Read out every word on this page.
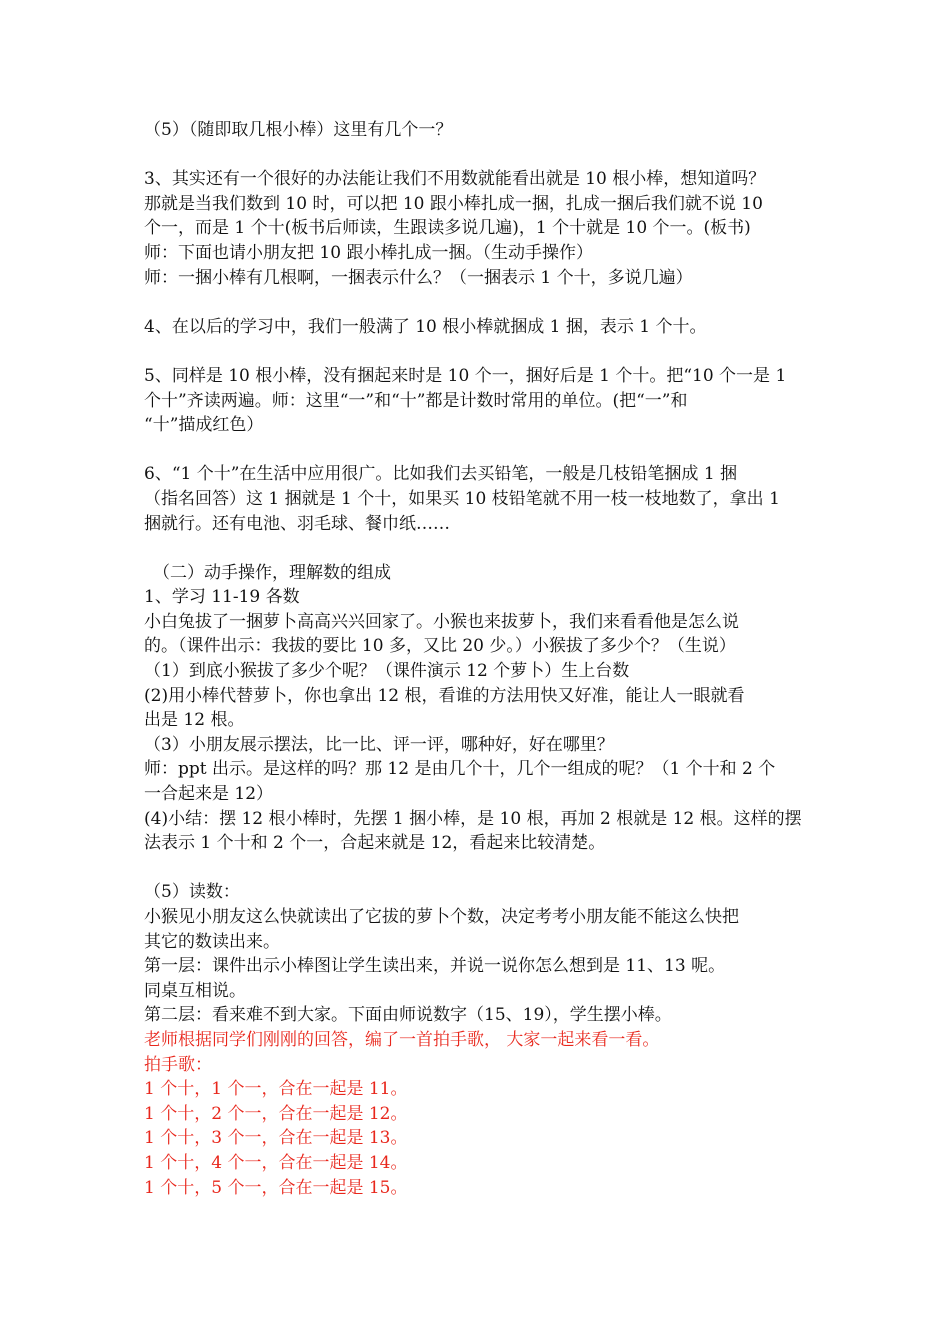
（5）（随即取几根小棒）这里有几个一？
3、其实还有一个很好的办法能让我们不用数就能看出就是 10 根小棒，想知道吗？
那就是当我们数到 10 时，可以把 10 跟小棒扎成一捆，扎成一捆后我们就不说 10
个一，而是 1 个十(板书后师读，生跟读多说几遍)，1 个十就是 10 个一。(板书)
师：下面也请小朋友把 10 跟小棒扎成一捆。（生动手操作）
师：一捆小棒有几根啊，一捆表示什么？（一捆表示 1 个十，多说几遍）
4、在以后的学习中，我们一般满了 10 根小棒就捆成 1 捆，表示 1 个十。
5、同样是 10 根小棒，没有捆起来时是 10 个一，捆好后是 1 个十。把“10 个一是 1
个十”齐读两遍。师：这里“一”和“十”都是计数时常用的单位。(把“一”和
“十”描成红色）
6、“1 个十”在生活中应用很广。比如我们去买铅笔，一般是几枝铅笔捆成 1 捆
（指名回答）这 1 捆就是 1 个十，如果买 10 枝铅笔就不用一枝一枝地数了，拿出 1
捆就行。还有电池、羽毛球、餐巾纸……
（二）动手操作，理解数的组成
1、学习 11-19 各数
小白兔拔了一捆萝卜高高兴兴回家了。小猴也来拔萝卜，我们来看看他是怎么说
的。（课件出示：我拔的要比 10 多，又比 20 少。）小猴拔了多少个？（生说）
（1）到底小猴拔了多少个呢？（课件演示 12 个萝卜）生上台数
(2)用小棒代替萝卜，你也拿出 12 根，看谁的方法用快又好准，能让人一眼就看
出是 12 根。
（3）小朋友展示摆法，比一比、评一评，哪种好，好在哪里？
师：ppt 出示。是这样的吗？那 12 是由几个十，几个一组成的呢？（1 个十和 2 个
一合起来是 12）
(4)小结：摆 12 根小棒时，先摆 1 捆小棒，是 10 根，再加 2 根就是 12 根。这样的摆
法表示 1 个十和 2 个一，合起来就是 12，看起来比较清楚。
（5）读数：
小猴见小朋友这么快就读出了它拔的萝卜个数，决定考考小朋友能不能这么快把
其它的数读出来。
第一层：课件出示小棒图让学生读出来，并说一说你怎么想到是 11、13 呢。
同桌互相说。
第二层：看来难不到大家。下面由师说数字（15、19），学生摆小棒。
老师根据同学们刚刚的回答，编了一首拍手歌， 大家一起来看一看。
拍手歌：
1 个十，1 个一，合在一起是 11。
1 个十，2 个一，合在一起是 12。
1 个十，3 个一，合在一起是 13。
1 个十，4 个一，合在一起是 14。
1 个十，5 个一，合在一起是 15。
